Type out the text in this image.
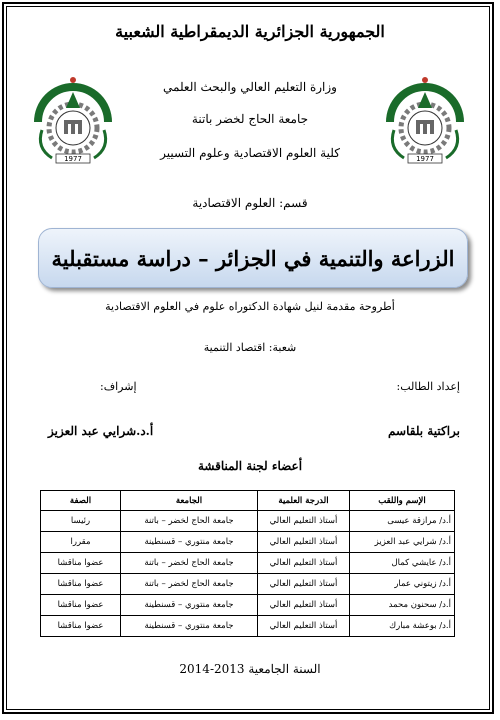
الجمهورية الجزائرية الديمقراطية الشعبية
1977	1977
وزارة التعليم العالي والبحث العلمي
جامعة الحاج لخضر باتنة
كلية العلوم الاقتصادية وعلوم التسيير
قسم: العلوم الاقتصادية
الزراعة والتنمية في الجزائر – دراسة مستقبلية
أطروحة مقدمة لنيل شهادة الدكتوراه علوم في العلوم الاقتصادية
شعبة: اقتصاد التنمية
إعداد الطالب:
إشراف:
براكتية بلقاسم
أ.د.شرايي عبد العزيز
أعضاء لجنة المناقشة
الإسم واللقب	الدرجة العلمية	الجامعة	الصفة
أ.د/ مرازقة عيسى	أستاذ التعليم العالي	جامعة الحاج لخضر – باتنة	رئيسا
أ.د/ شرايي عبد العزيز	أستاذ التعليم العالي	جامعة منتوري – قسنطينة	مقررا
أ.د/ عايشي كمال	أستاذ التعليم العالي	جامعة الحاج لخضر – باتنة	عضوا مناقشا
أ.د/ زيتوني عمار	أستاذ التعليم العالي	جامعة الحاج لخضر – باتنة	عضوا مناقشا
أ.د/ سحنون محمد	أستاذ التعليم العالي	جامعة منتوري – قسنطينة	عضوا مناقشا
أ.د/ بوعشة مبارك	أستاذ التعليم العالي	جامعة منتوري – قسنطينة	عضوا مناقشا
السنة الجامعية 2013-2014
